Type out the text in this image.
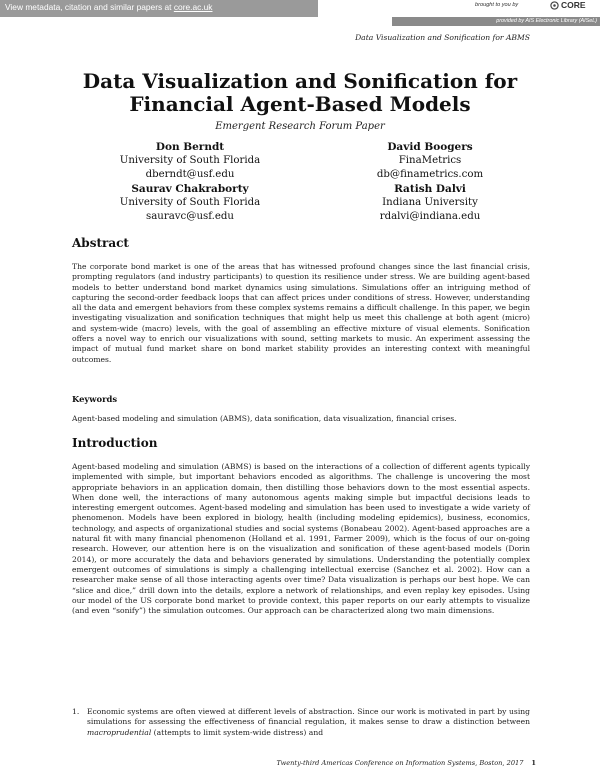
View metadata, citation and similar papers at core.ac.uk	brought to you by	CORE
provided by AIS Electronic Library (AISeL)
Data Visualization and Sonification for ABMS
Data Visualization and Sonification for
Financial Agent-Based Models
Emergent Research Forum Paper
Don Berndt
University of South Florida
dberndt@usf.edu
Saurav Chakraborty
University of South Florida
sauravc@usf.edu
David Boogers
FinaMetrics
db@finametrics.com
Ratish Dalvi
Indiana University
rdalvi@indiana.edu
Abstract

The corporate bond market is one of the areas that has witnessed profound changes since the last financial crisis, prompting regulators (and industry participants) to question its resilience under stress. We are building agent-based models to better understand bond market dynamics using simulations. Simulations offer an intriguing method of capturing the second-order feedback loops that can affect prices under conditions of stress. However, understanding all the data and emergent behaviors from these complex systems remains a difficult challenge. In this paper, we begin investigating visualization and sonification techniques that might help us meet this challenge at both agent (micro) and system-wide (macro) levels, with the goal of assembling an effective mixture of visual elements. Sonification offers a novel way to enrich our visualizations with sound, setting markets to music. An experiment assessing the impact of mutual fund market share on bond market stability provides an interesting context with meaningful outcomes.

Keywords

Agent-based modeling and simulation (ABMS), data sonification, data visualization, financial crises.

Introduction

Agent-based modeling and simulation (ABMS) is based on the interactions of a collection of different agents typically implemented with simple, but important behaviors encoded as algorithms. The challenge is uncovering the most appropriate behaviors in an application domain, then distilling those behaviors down to the most essential aspects. When done well, the interactions of many autonomous agents making simple but impactful decisions leads to interesting emergent outcomes. Agent-based modeling and simulation has been used to investigate a wide variety of phenomenon. Models have been explored in biology, health (including modeling epidemics), business, economics, technology, and aspects of organizational studies and social systems (Bonabeau 2002). Agent-based approaches are a natural fit with many financial phenomenon (Holland et al. 1991, Farmer 2009), which is the focus of our on-going research. However, our attention here is on the visualization and sonification of these agent-based models (Dorin 2014), or more accurately the data and behaviors generated by simulations. Understanding the potentially complex emergent outcomes of simulations is simply a challenging intellectual exercise (Sanchez et al. 2002). How can a researcher make sense of all those interacting agents over time? Data visualization is perhaps our best hope. We can “slice and dice,” drill down into the details, explore a network of relationships, and even replay key episodes. Using our model of the US corporate bond market to provide context, this paper reports on our early attempts to visualize (and even “sonify”) the simulation outcomes. Our approach can be characterized along two main dimensions.

1. Economic systems are often viewed at different levels of abstraction. Since our work is motivated in part by using simulations for assessing the effectiveness of financial regulation, it makes sense to draw a distinction between macroprudential (attempts to limit system-wide distress) and
Twenty-third Americas Conference on Information Systems, Boston, 2017 1
